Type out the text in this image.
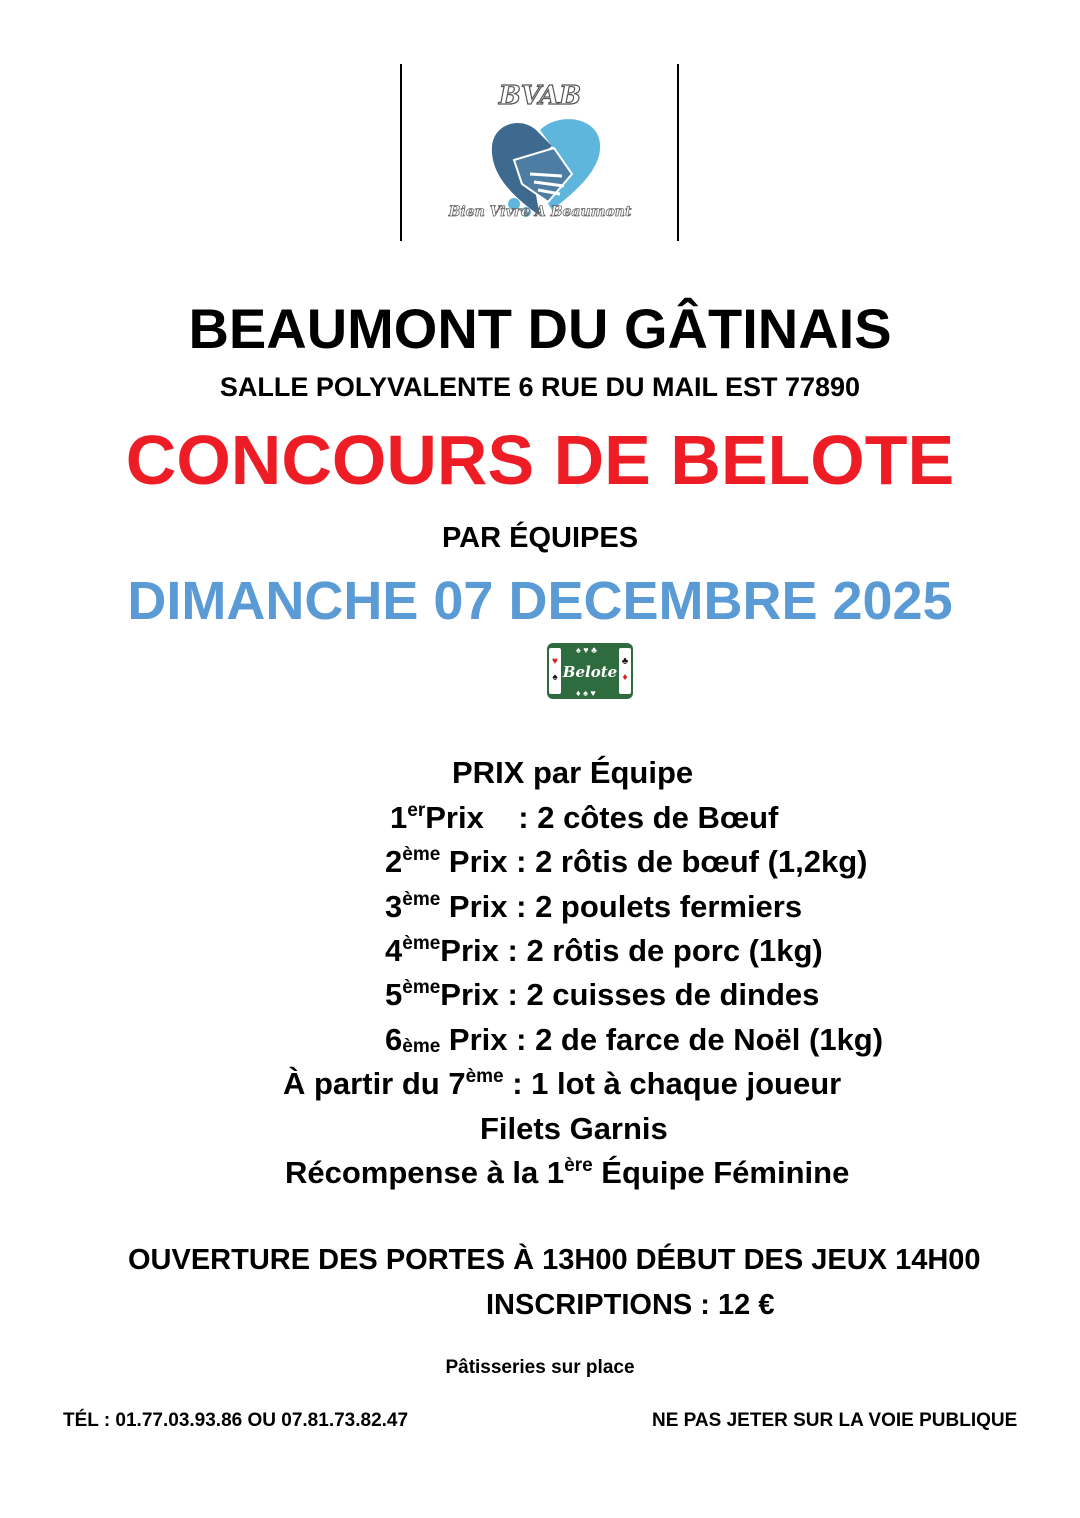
BVAB
Bien Vivre A Beaumont
BEAUMONT DU GÂTINAIS
SALLE POLYVALENTE 6 RUE DU MAIL EST 77890
CONCOURS DE BELOTE
PAR ÉQUIPES
DIMANCHE 07 DECEMBRE 2025
♥
♠
♣
♦
♠ ♥ ♣
♦ ♠ ♥
Belote
PRIX par Équipe
1erPrix    : 2 côtes de Bœuf
2ème Prix : 2 rôtis de bœuf (1,2kg)
3ème Prix : 2 poulets fermiers
4èmePrix : 2 rôtis de porc (1kg)
5èmePrix : 2 cuisses de dindes
$6_{ème}$ Prix : 2 de farce de Noël (1kg)
À partir du 7ème : 1 lot à chaque joueur
Filets Garnis
Récompense à la 1ère Équipe Féminine
OUVERTURE DES PORTES À 13H00 DÉBUT DES JEUX 14H00
INSCRIPTIONS : 12 €
Pâtisseries sur place
TÉL : 01.77.03.93.86 OU 07.81.73.82.47	NE PAS JETER SUR LA VOIE PUBLIQUE
